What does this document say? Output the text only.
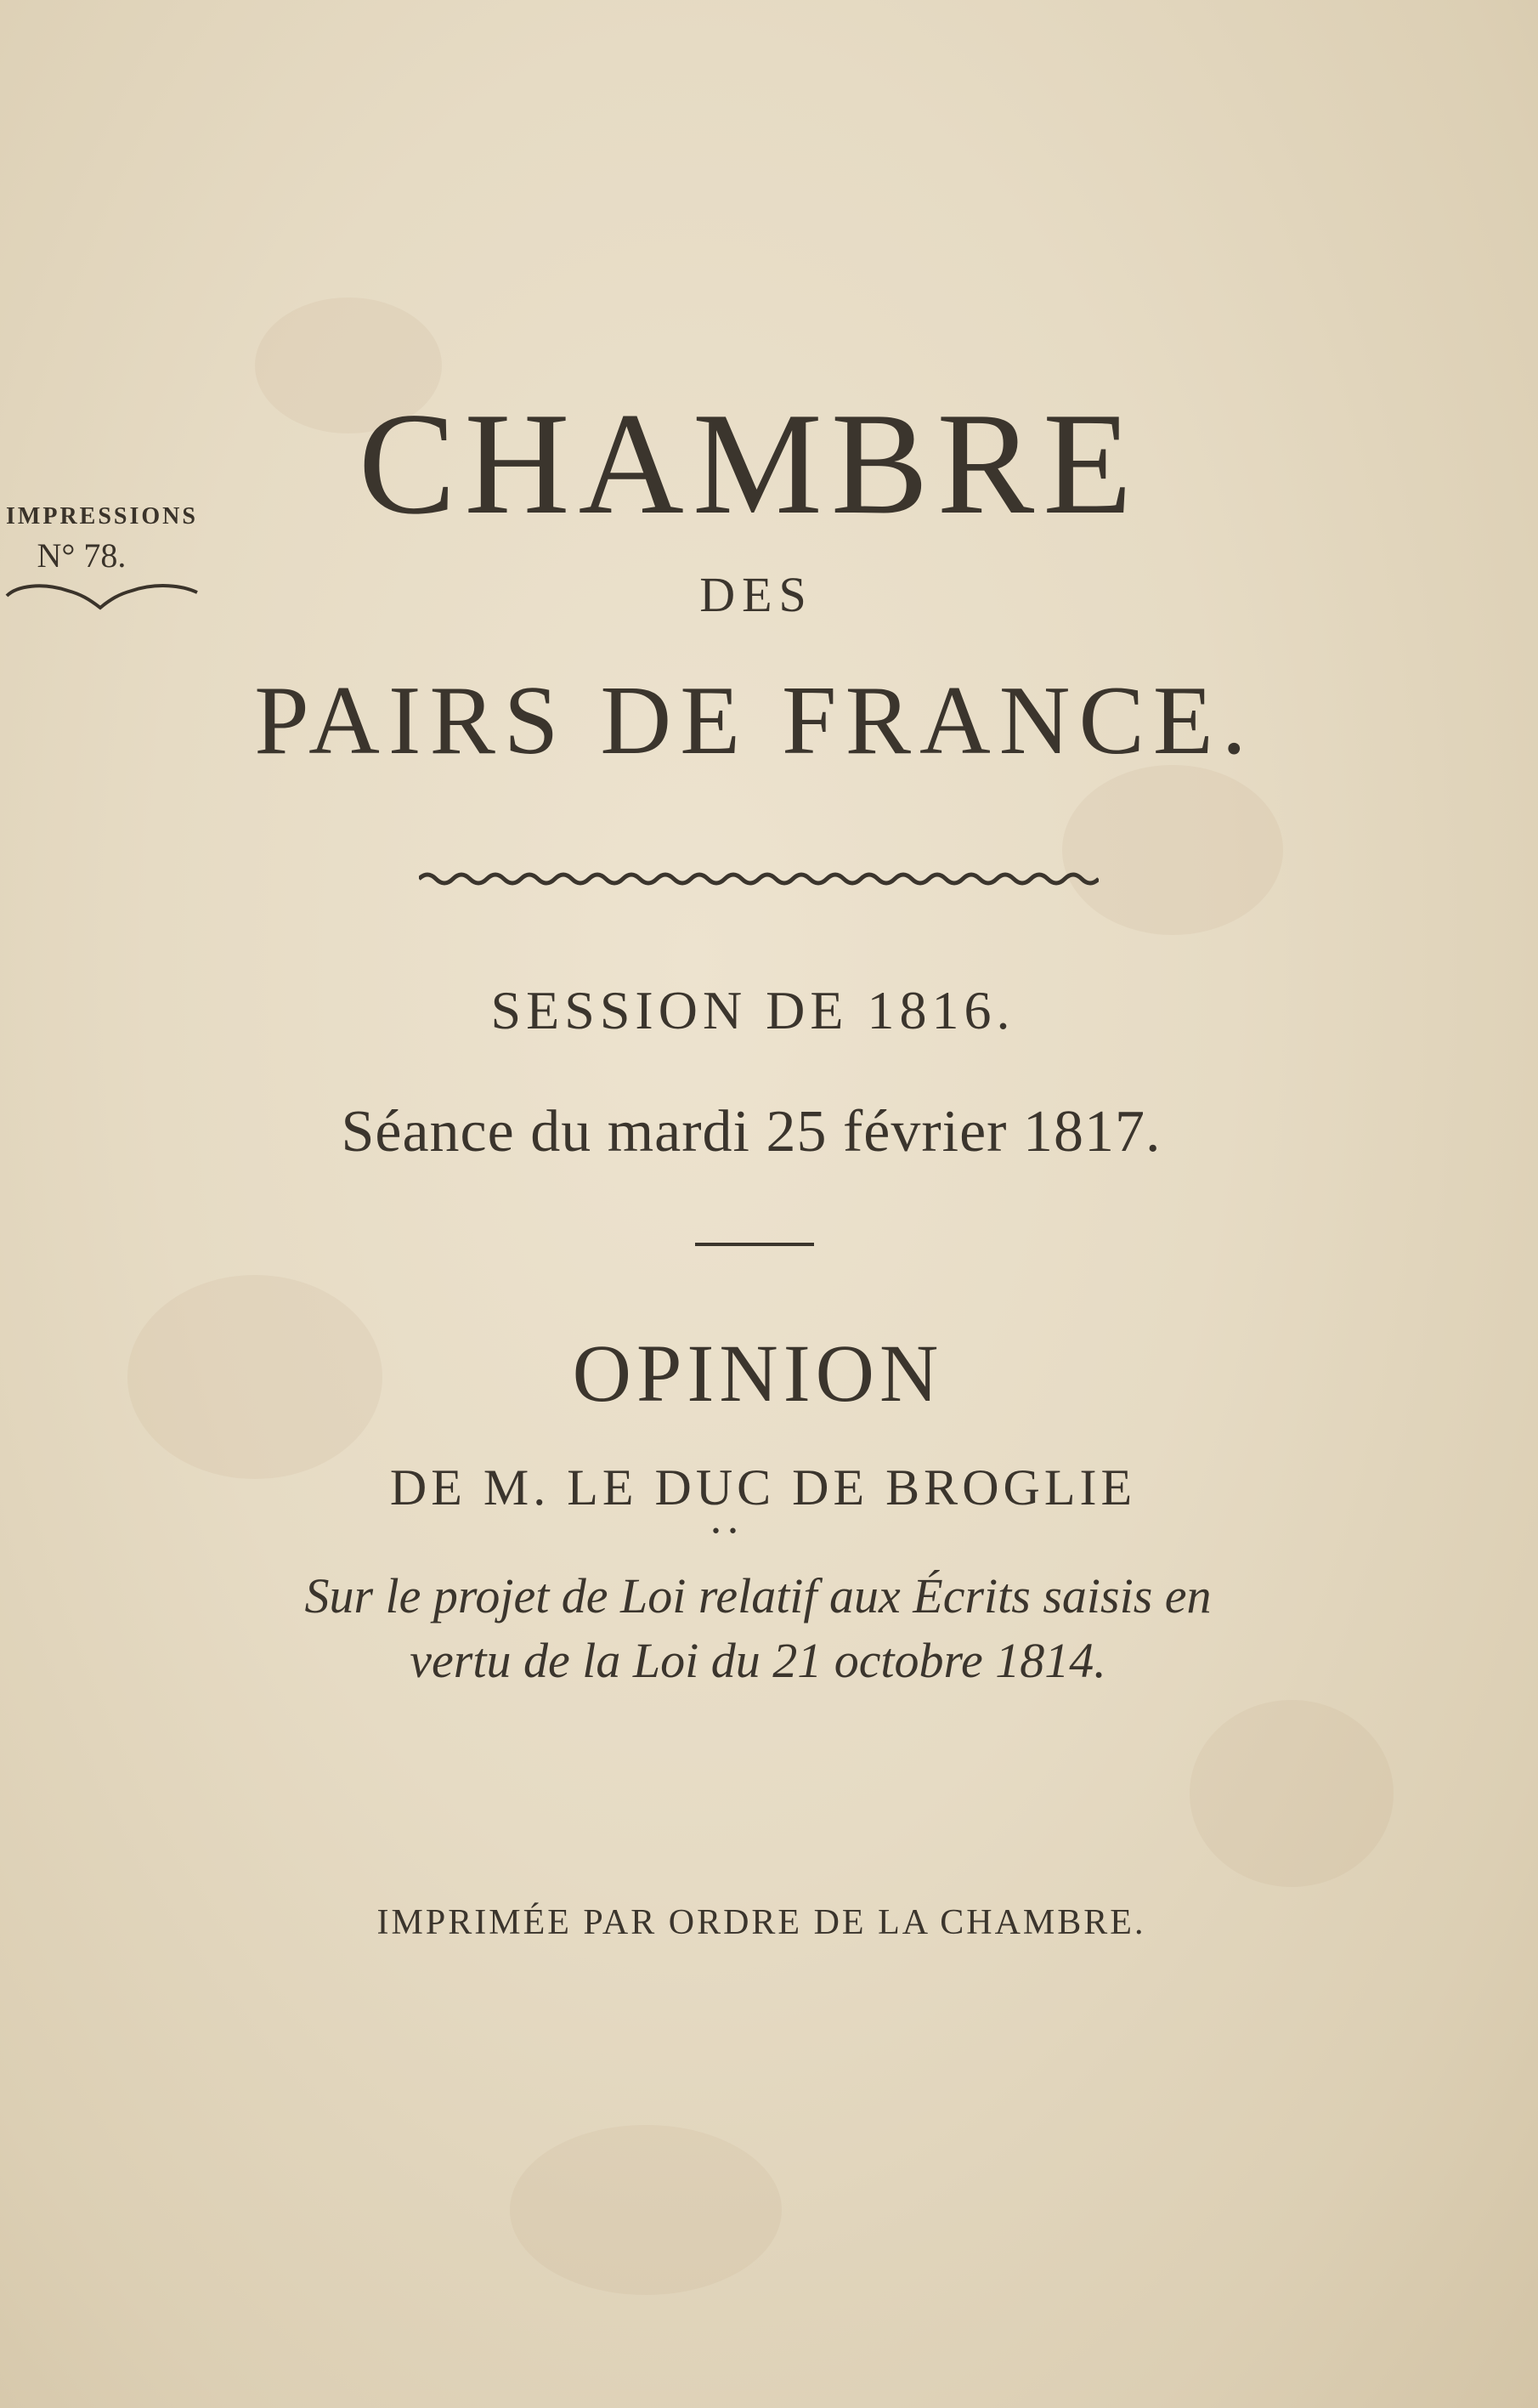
IMPRESSIONS
N° 78.
CHAMBRE
DES
PAIRS DE FRANCE.
SESSION DE 1816.
Séance du mardi 25 février 1817.
OPINION
DE M. LE DUC DE BROGLIE
• •
Sur le projet de Loi relatif aux Écrits saisis en
vertu de la Loi du 21 octobre 1814.
IMPRIMÉE PAR ORDRE DE LA CHAMBRE.
